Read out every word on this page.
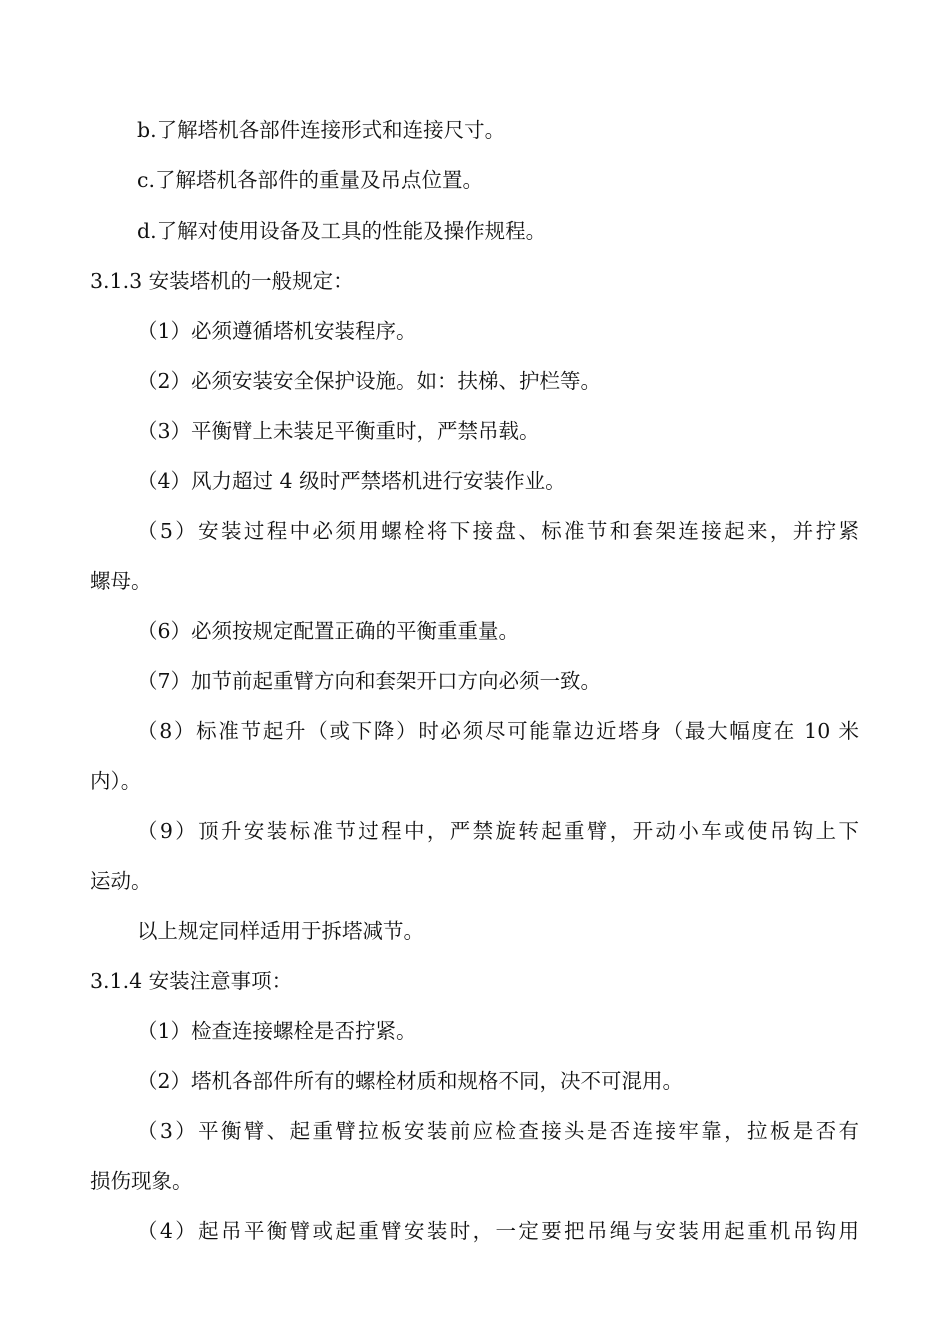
b.了解塔机各部件连接形式和连接尺寸。
c.了解塔机各部件的重量及吊点位置。
d.了解对使用设备及工具的性能及操作规程。
3.1.3 安装塔机的一般规定：
（1）必须遵循塔机安装程序。
（2）必须安装安全保护设施。如：扶梯、护栏等。
（3）平衡臂上未装足平衡重时，严禁吊载。
（4）风力超过 4 级时严禁塔机进行安装作业。
（5）安装过程中必须用螺栓将下接盘、标准节和套架连接起来，并拧紧
螺母。
（6）必须按规定配置正确的平衡重重量。
（7）加节前起重臂方向和套架开口方向必须一致。
（8）标准节起升（或下降）时必须尽可能靠边近塔身（最大幅度在 10 米
内）。
（9）顶升安装标准节过程中，严禁旋转起重臂，开动小车或使吊钩上下
运动。
以上规定同样适用于拆塔减节。
3.1.4 安装注意事项：
（1）检查连接螺栓是否拧紧。
（2）塔机各部件所有的螺栓材质和规格不同，决不可混用。
（3）平衡臂、起重臂拉板安装前应检查接头是否连接牢靠，拉板是否有
损伤现象。
（4）起吊平衡臂或起重臂安装时，一定要把吊绳与安装用起重机吊钩用
